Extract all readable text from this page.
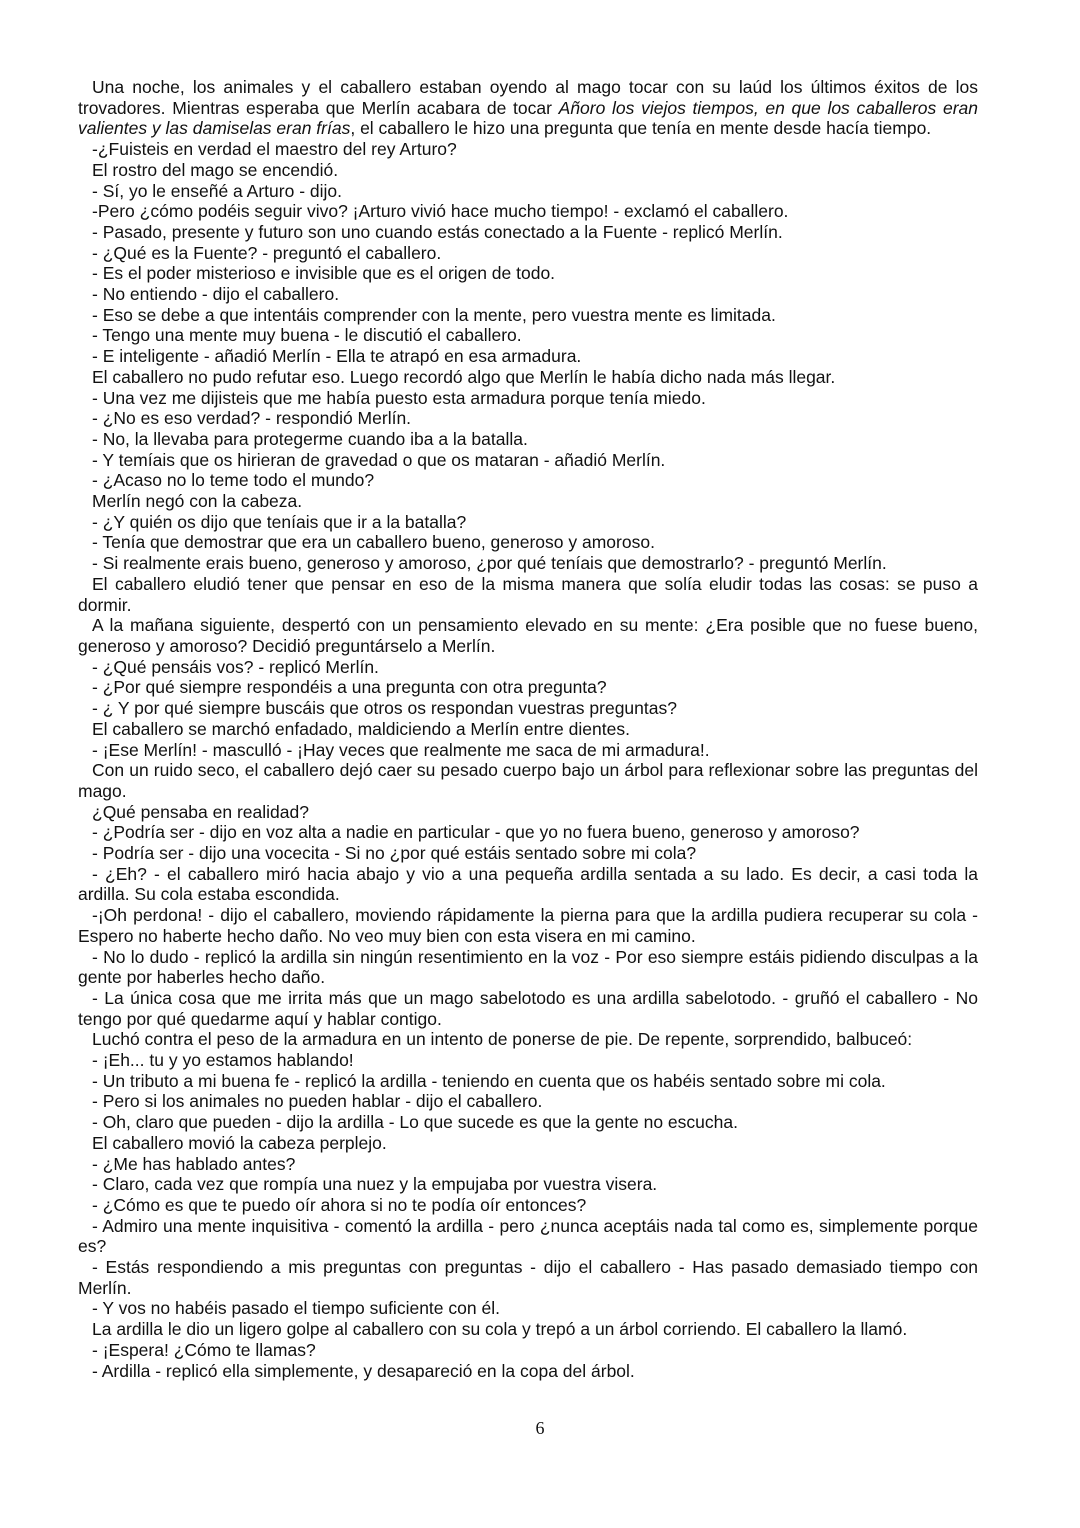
Una noche, los animales y el caballero estaban oyendo al mago tocar con su laúd los últimos éxitos de los trovadores. Mientras esperaba que Merlín acabara de tocar Añoro los viejos tiempos, en que los caballeros eran valientes y las damiselas eran frías, el caballero le hizo una pregunta que tenía en mente desde hacía tiempo.

-¿Fuisteis en verdad el maestro del rey Arturo?

El rostro del mago se encendió.

- Sí, yo le enseñé a Arturo - dijo.

-Pero ¿cómo podéis seguir vivo? ¡Arturo vivió hace mucho tiempo! - exclamó el caballero.

- Pasado, presente y futuro son uno cuando estás conectado a la Fuente - replicó Merlín.

- ¿Qué es la Fuente? - preguntó el caballero.

- Es el poder misterioso e invisible que es el origen de todo.

- No entiendo - dijo el caballero.

- Eso se debe a que intentáis comprender con la mente, pero vuestra mente es limitada.

- Tengo una mente muy buena - le discutió el caballero.

- E inteligente - añadió Merlín - Ella te atrapó en esa armadura.

El caballero no pudo refutar eso. Luego recordó algo que Merlín le había dicho nada más llegar.

- Una vez me dijisteis que me había puesto esta armadura porque tenía miedo.

- ¿No es eso verdad? - respondió Merlín.

- No, la llevaba para protegerme cuando iba a la batalla.

- Y temíais que os hirieran de gravedad o que os mataran - añadió Merlín.

- ¿Acaso no lo teme todo el mundo?

Merlín negó con la cabeza.

- ¿Y quién os dijo que teníais que ir a la batalla?

- Tenía que demostrar que era un caballero bueno, generoso y amoroso.

- Si realmente erais bueno, generoso y amoroso, ¿por qué teníais que demostrarlo? - preguntó Merlín.

El caballero eludió tener que pensar en eso de la misma manera que solía eludir todas las cosas: se puso a dormir.

A la mañana siguiente, despertó con un pensamiento elevado en su mente: ¿Era posible que no fuese bueno, generoso y amoroso? Decidió preguntárselo a Merlín.

- ¿Qué pensáis vos? - replicó Merlín.

- ¿Por qué siempre respondéis a una pregunta con otra pregunta?

- ¿ Y por qué siempre buscáis que otros os respondan vuestras preguntas?

El caballero se marchó enfadado, maldiciendo a Merlín entre dientes.

- ¡Ese Merlín! - masculló - ¡Hay veces que realmente me saca de mi armadura!.

Con un ruido seco, el caballero dejó caer su pesado cuerpo bajo un árbol para reflexionar sobre las preguntas del mago.

¿Qué pensaba en realidad?

- ¿Podría ser - dijo en voz alta a nadie en particular - que yo no fuera bueno, generoso y amoroso?

- Podría ser - dijo una vocecita - Si no ¿por qué estáis sentado sobre mi cola?

- ¿Eh? - el caballero miró hacia abajo y vio a una pequeña ardilla sentada a su lado. Es decir, a casi toda la ardilla. Su cola estaba escondida.

-¡Oh perdona! - dijo el caballero, moviendo rápidamente la pierna para que la ardilla pudiera recuperar su cola - Espero no haberte hecho daño. No veo muy bien con esta visera en mi camino.

- No lo dudo - replicó la ardilla sin ningún resentimiento en la voz - Por eso siempre estáis pidiendo disculpas a la gente por haberles hecho daño.

- La única cosa que me irrita más que un mago sabelotodo es una ardilla sabelotodo. - gruñó el caballero - No tengo por qué quedarme aquí y hablar contigo.

Luchó contra el peso de la armadura en un intento de ponerse de pie. De repente, sorprendido, balbuceó:

- ¡Eh... tu y yo estamos hablando!

- Un tributo a mi buena fe - replicó la ardilla - teniendo en cuenta que os habéis sentado sobre mi cola.

- Pero si los animales no pueden hablar - dijo el caballero.

- Oh, claro que pueden - dijo la ardilla - Lo que sucede es que la gente no escucha.

El caballero movió la cabeza perplejo.

- ¿Me has hablado antes?

- Claro, cada vez que rompía una nuez y la empujaba por vuestra visera.

- ¿Cómo es que te puedo oír ahora si no te podía oír entonces?

- Admiro una mente inquisitiva - comentó la ardilla - pero ¿nunca aceptáis nada tal como es, simplemente porque es?

- Estás respondiendo a mis preguntas con preguntas - dijo el caballero - Has pasado demasiado tiempo con Merlín.

- Y vos no habéis pasado el tiempo suficiente con él.

La ardilla le dio un ligero golpe al caballero con su cola y trepó a un árbol corriendo. El caballero la llamó.

- ¡Espera! ¿Cómo te llamas?

- Ardilla - replicó ella simplemente, y desapareció en la copa del árbol.

6
